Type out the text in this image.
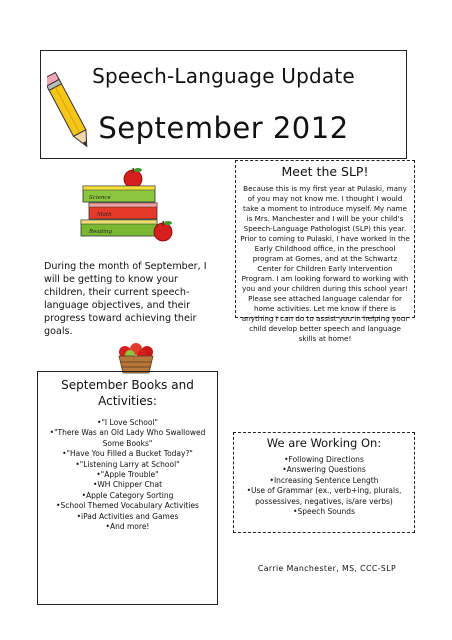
Speech-Language Update
September 2012
Science
Math
Reading
During the month of September, I will be getting to know your children, their current speech-language objectives, and their progress toward achieving their goals.
Meet the SLP!
Because this is my first year at Pulaski, many of you may not know me. I thought I would take a moment to introduce myself. My name is Mrs. Manchester and I will be your child's Speech-Language Pathologist (SLP) this year. Prior to coming to Pulaski, I have worked in the Early Childhood office, in the preschool program at Gomes, and at the Schwartz Center for Children Early Intervention Program. I am looking forward to working with you and your children during this school year! Please see attached language calendar for home activities. Let me know if there is anything I can do to assist you in helping your child develop better speech and language skills at home!
September Books and Activities:
•"I Love School"
•"There Was an Old Lady Who Swallowed Some Books"
•"Have You Filled a Bucket Today?"
•"Listening Larry at School"
•"Apple Trouble"
•WH Chipper Chat
•Apple Category Sorting
•School Themed Vocabulary Activities
•iPad Activities and Games
•And more!
We are Working On:
•Following Directions
•Answering Questions
•Increasing Sentence Length
•Use of Grammar (ex., verb+ing, plurals, possessives, negatives, is/are verbs)
•Speech Sounds
Carrie Manchester, MS, CCC-SLP
